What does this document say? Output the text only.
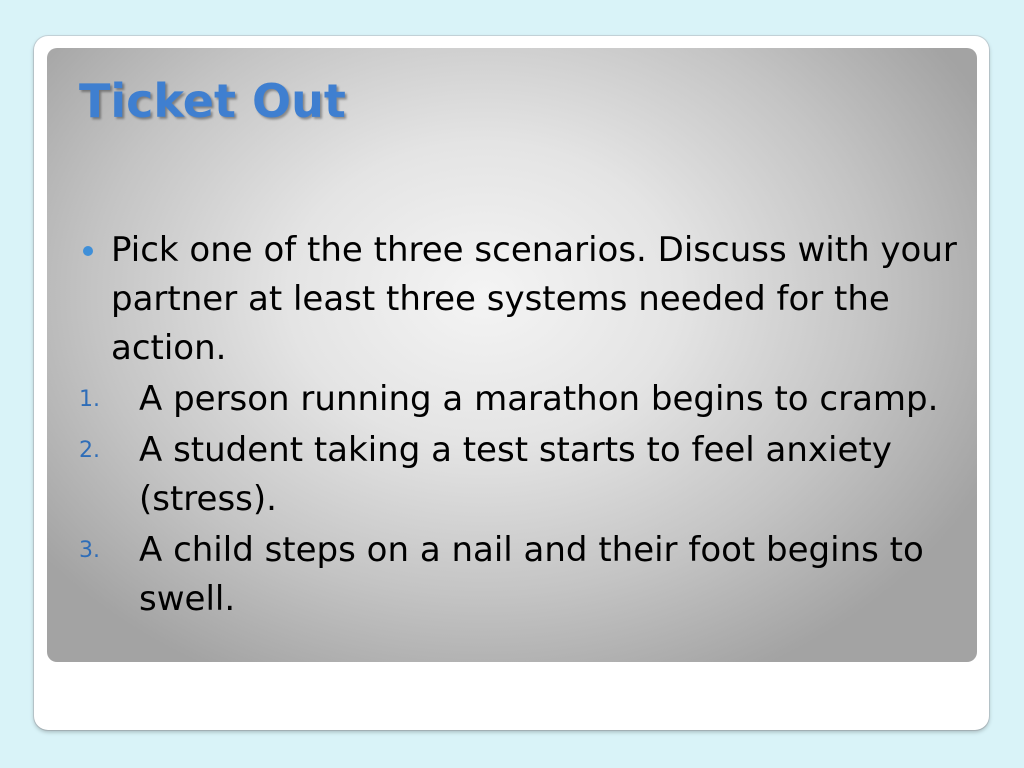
Ticket Out
Pick one of the three scenarios. Discuss with your partner at least three systems needed for the action.
1. A person running a marathon begins to cramp.
2. A student taking a test starts to feel anxiety (stress).
3. A child steps on a nail and their foot begins to swell.
